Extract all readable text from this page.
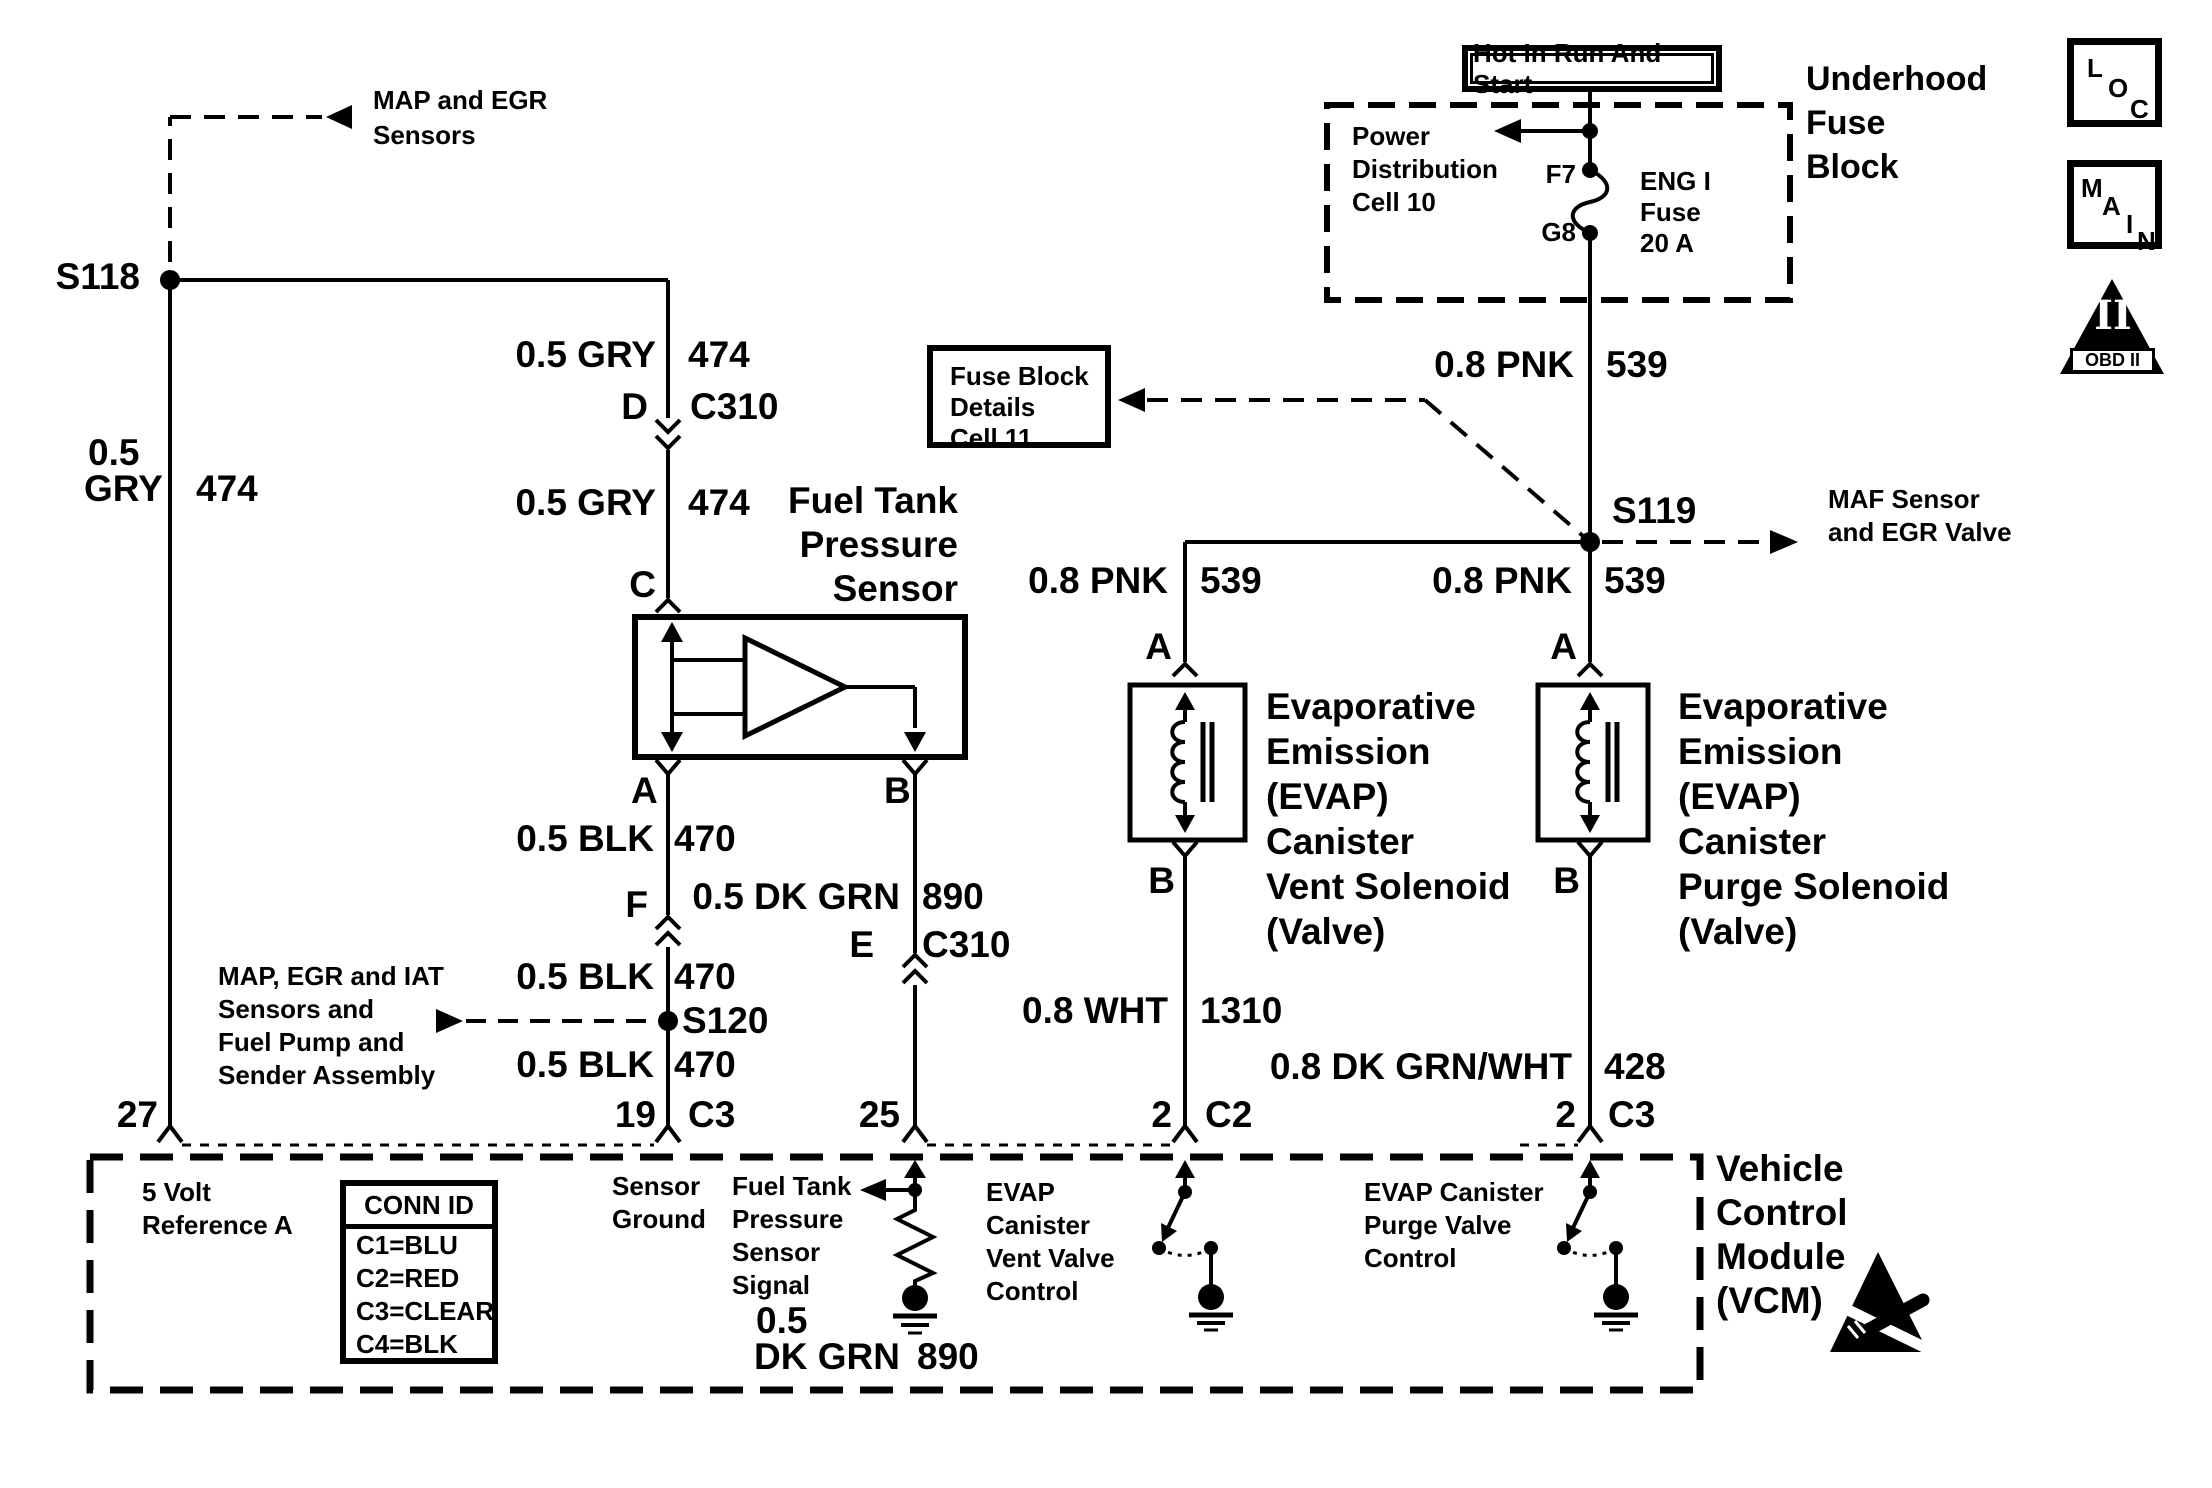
L
O
C
M
A
I
N
II
OBD II
Hot In Run And Start	Underhood
Fuse
Block
Power
Distribution
Cell 10
F7
G8
ENG I
Fuse
20 A
MAP and EGR
Sensors
S118
S119
S120
0.5
GRY 474
0.5 GRY 474
D C310
0.5 GRY 474 Fuel Tank
Pressure
Sensor
C
A	B
0.5 BLK 470
F 0.5 DK GRN 890
E C310
0.5 BLK 470
0.5 BLK 470
MAP, EGR and IAT
Sensors and
Fuel Pump and
Sender Assembly
27	19 C3	25	2 C2	2 C3
0.8 PNK 539
0.8 PNK 539	0.8 PNK 539
MAF Sensor
and EGR Valve
Fuse Block
Details
Cell 11
A
B
A
B
Evaporative
Emission
(EVAP)
Canister
Vent Solenoid
(Valve)
Evaporative
Emission
(EVAP)
Canister
Purge Solenoid
(Valve)
0.8 WHT 1310
0.8 DK GRN/WHT 428
Vehicle
Control
Module
(VCM)
5 Volt
Reference A
Sensor
Ground
Fuel Tank
Pressure
Sensor
Signal
0.5
DK GRN 890
EVAP
Canister
Vent Valve
Control
EVAP Canister
Purge Valve
Control
CONN ID
C1=BLU
C2=RED
C3=CLEAR
C4=BLK
